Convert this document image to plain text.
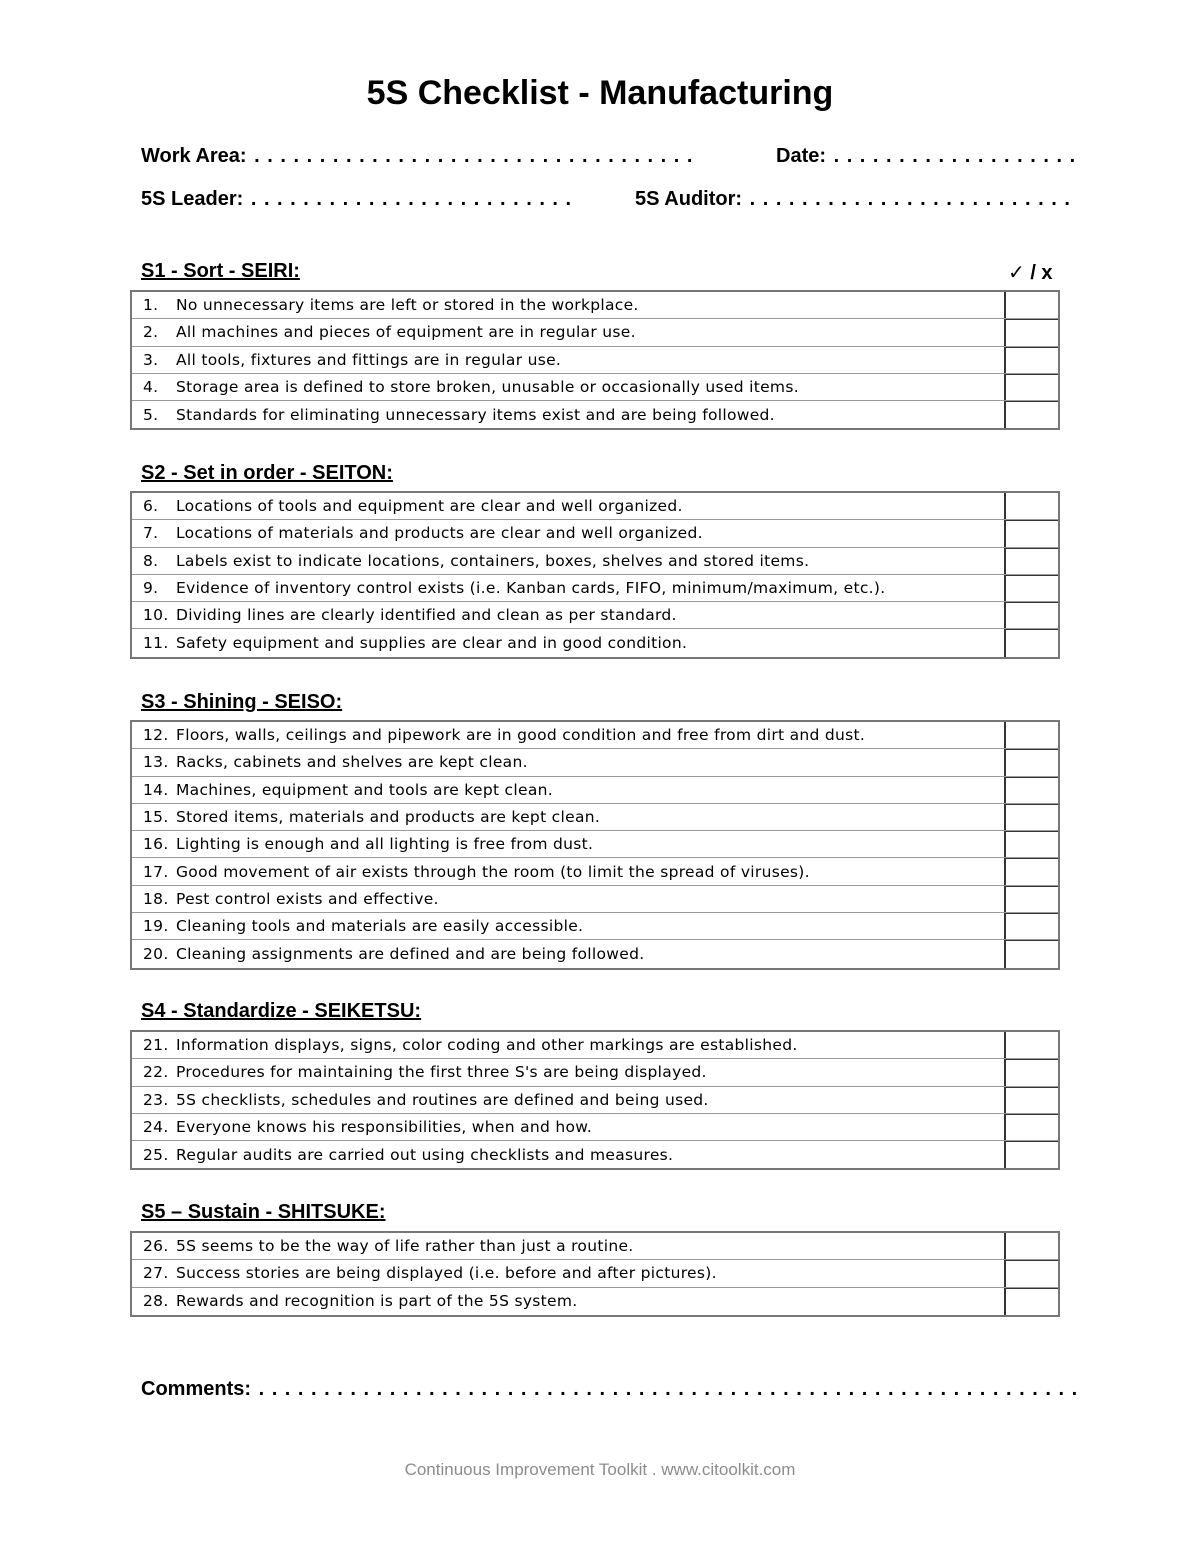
5S Checklist - Manufacturing
Work Area: . . . . . . . . . . . . . . . . . . . . . . . . . . . . . . . . . .	Date: . . . . . . . . . . . . . . . . . . .
5S Leader: . . . . . . . . . . . . . . . . . . . . . . . . .	5S Auditor: . . . . . . . . . . . . . . . . . . . . . . . . .
✓ / x
S1 - Sort - SEIRI:
1.	No unnecessary items are left or stored in the workplace.
2.	All machines and pieces of equipment are in regular use.
3.	All tools, fixtures and fittings are in regular use.
4.	Storage area is defined to store broken, unusable or occasionally used items.
5.	Standards for eliminating unnecessary items exist and are being followed.
S2 - Set in order - SEITON:
6.	Locations of tools and equipment are clear and well organized.
7.	Locations of materials and products are clear and well organized.
8.	Labels exist to indicate locations, containers, boxes, shelves and stored items.
9.	Evidence of inventory control exists (i.e. Kanban cards, FIFO, minimum/maximum, etc.).
10. Dividing lines are clearly identified and clean as per standard.
11. Safety equipment and supplies are clear and in good condition.
S3 - Shining - SEISO:
12. Floors, walls, ceilings and pipework are in good condition and free from dirt and dust.
13. Racks, cabinets and shelves are kept clean.
14. Machines, equipment and tools are kept clean.
15. Stored items, materials and products are kept clean.
16. Lighting is enough and all lighting is free from dust.
17. Good movement of air exists through the room (to limit the spread of viruses).
18. Pest control exists and effective.
19. Cleaning tools and materials are easily accessible.
20. Cleaning assignments are defined and are being followed.
S4 - Standardize - SEIKETSU:
21. Information displays, signs, color coding and other markings are established.
22. Procedures for maintaining the first three S's are being displayed.
23. 5S checklists, schedules and routines are defined and being used.
24. Everyone knows his responsibilities, when and how.
25. Regular audits are carried out using checklists and measures.
S5 – Sustain - SHITSUKE:
26. 5S seems to be the way of life rather than just a routine.
27. Success stories are being displayed (i.e. before and after pictures).
28. Rewards and recognition is part of the 5S system.
Comments: . . . . . . . . . . . . . . . . . . . . . . . . . . . . . . . . . . . . . . . . . . . . . . . . . . . . . . . . . . . . . . .
Continuous Improvement Toolkit . www.citoolkit.com
